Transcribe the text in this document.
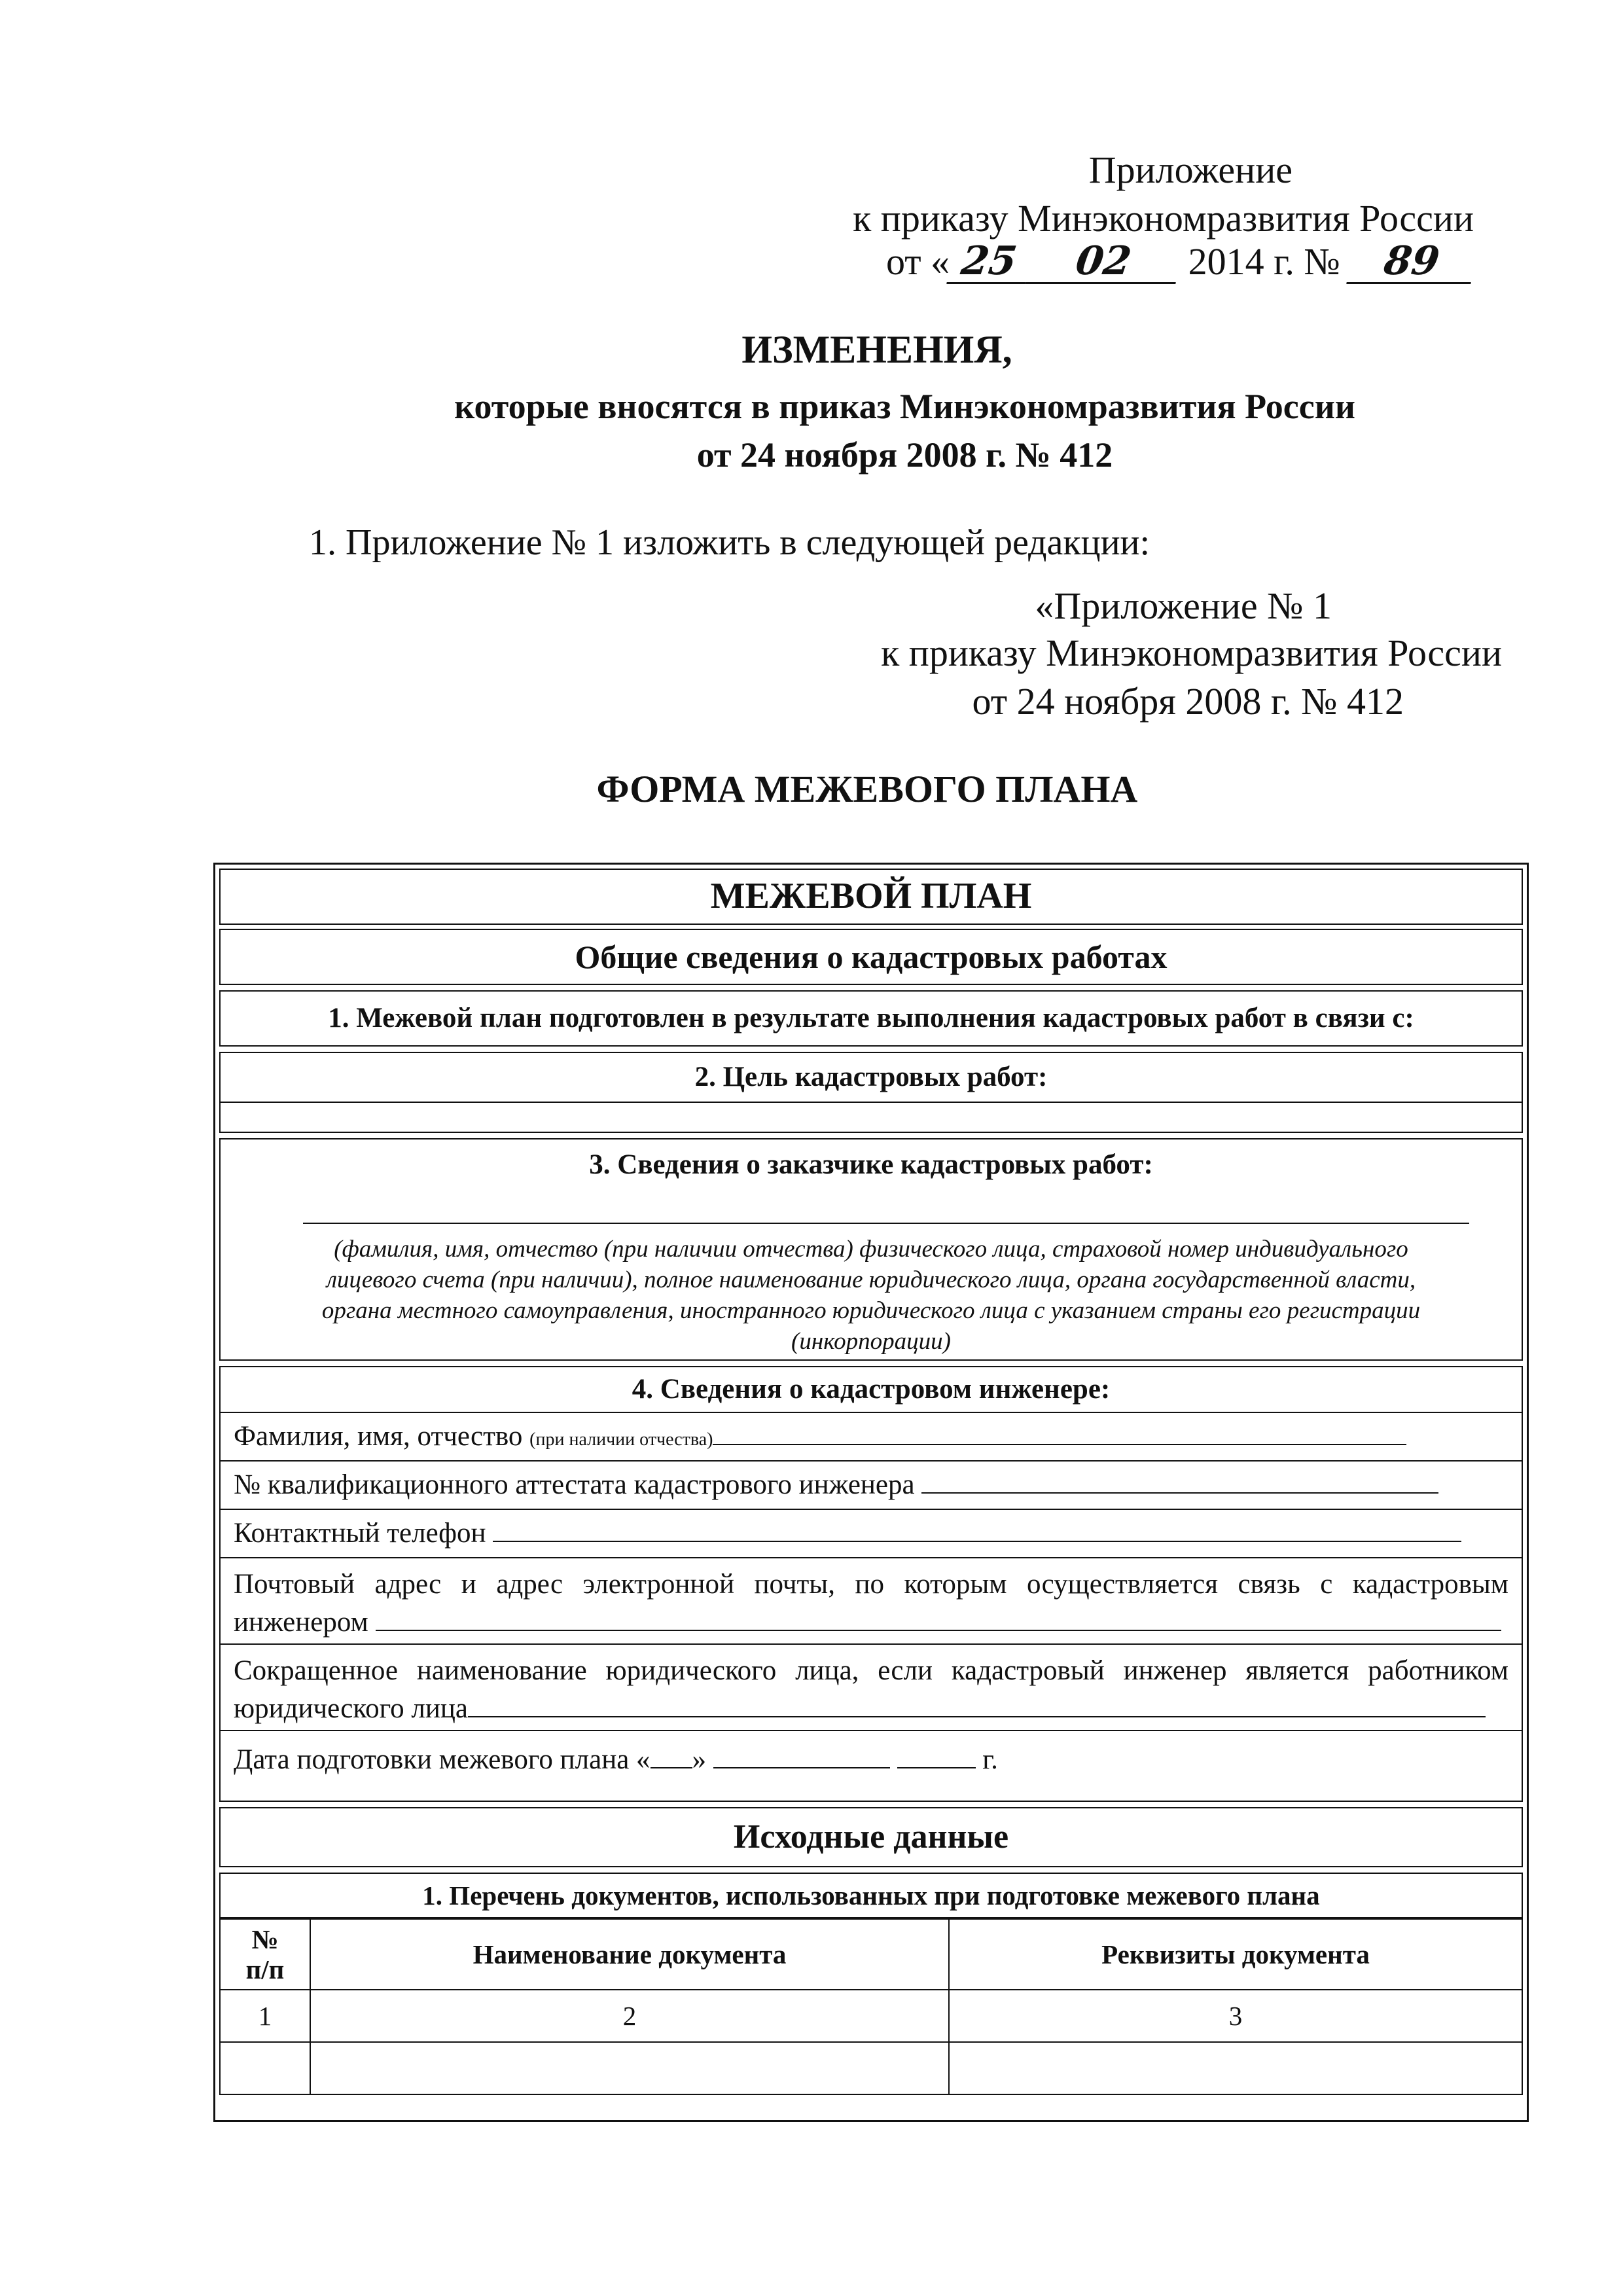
Приложение
к приказу Минэкономразвития России
от « 25 02 2014 г. № 89
ИЗМЕНЕНИЯ,
которые вносятся в приказ Минэкономразвития России
от 24 ноября 2008 г. № 412
1. Приложение № 1 изложить в следующей редакции:
«Приложение № 1
к приказу Минэкономразвития России
от 24 ноября 2008 г. № 412
ФОРМА МЕЖЕВОГО ПЛАНА
МЕЖЕВОЙ ПЛАН
Общие сведения о кадастровых работах
1. Межевой план подготовлен в результате выполнения кадастровых работ в связи с:
2. Цель кадастровых работ:
3. Сведения о заказчике кадастровых работ:
(фамилия, имя, отчество (при наличии отчества) физического лица, страховой номер индивидуального
лицевого счета (при наличии), полное наименование юридического лица, органа государственной власти,
органа местного самоуправления, иностранного юридического лица с указанием страны его регистрации
(инкорпорации)
4. Сведения о кадастровом инженере:
Фамилия, имя, отчество (при наличии отчества)
№ квалификационного аттестата кадастрового инженера
Контактный телефон
Почтовый адрес и адрес электронной почты, по которым осуществляется связь с кадастровым
инженером
Сокращенное наименование юридического лица, если кадастровый инженер является работником
юридического лица
Дата подготовки межевого плана « »	г.
Исходные данные
1. Перечень документов, использованных при подготовке межевого плана
№
п/п	Наименование документа	Реквизиты документа
1	2	3
